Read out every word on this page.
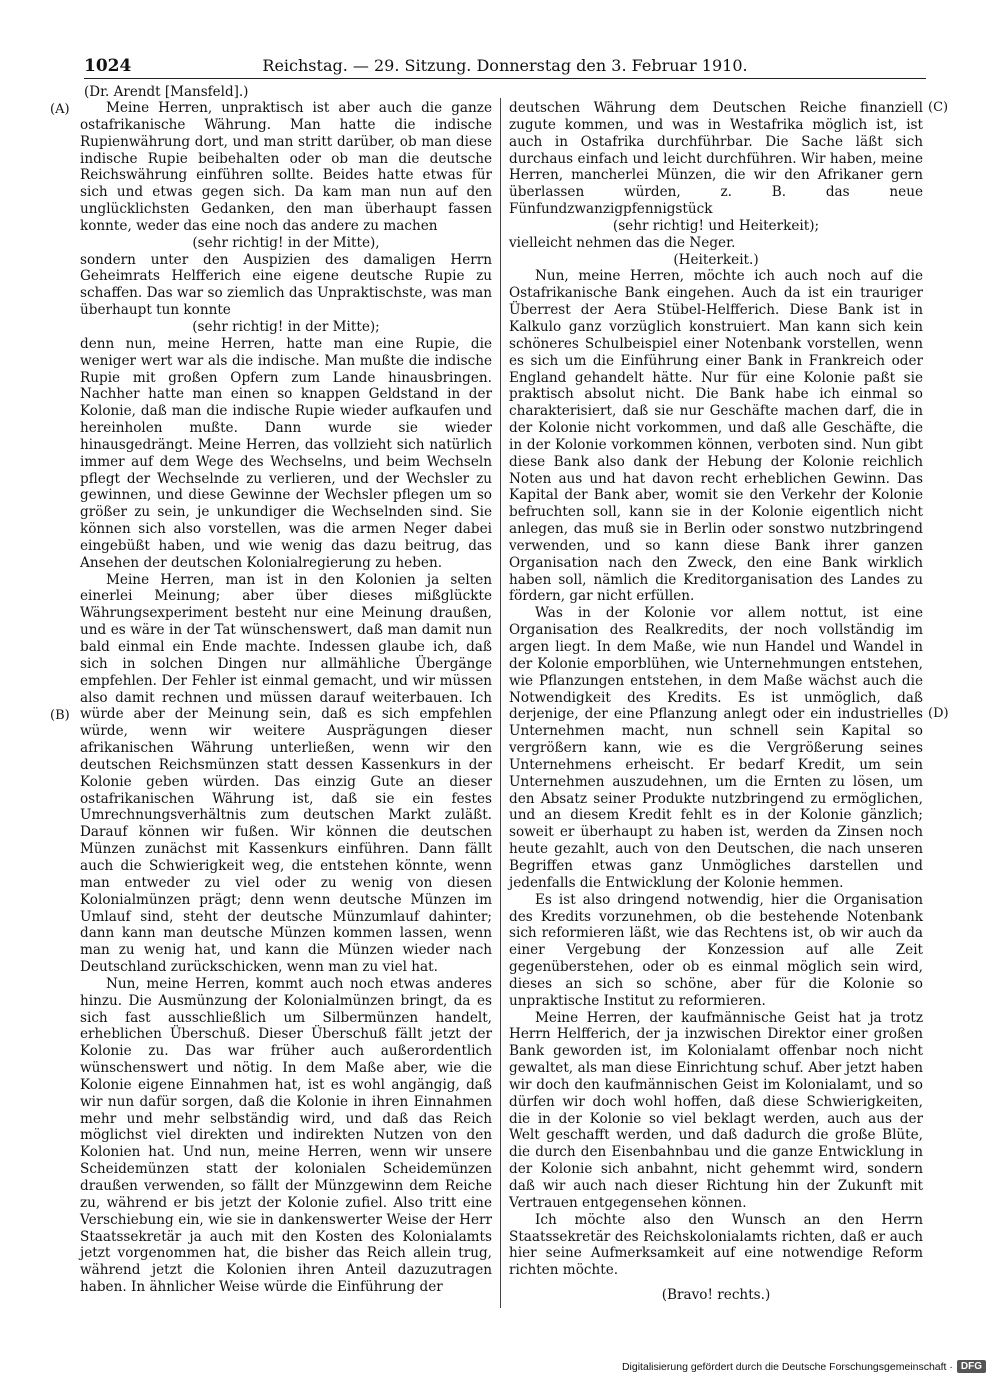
1024	Reichstag. — 29. Sitzung. Donnerstag den 3. Februar 1910.
(Dr. Arendt [Mansfeld].)
(A)
(B)
(C)
(D)

Meine Herren, unpraktisch ist aber auch die ganze ostafrikanische Währung. Man hatte die indische Rupienwährung dort, und man stritt darüber, ob man diese indische Rupie beibehalten oder ob man die deutsche Reichswährung einführen sollte. Beides hatte etwas für sich und etwas gegen sich. Da kam man nun auf den unglücklichsten Gedanken, den man überhaupt fassen konnte, weder das eine noch das andere zu machen

(sehr richtig! in der Mitte),

sondern unter den Auspizien des damaligen Herrn Geheimrats Helfferich eine eigene deutsche Rupie zu schaffen. Das war so ziemlich das Unpraktischste, was man überhaupt tun konnte

(sehr richtig! in der Mitte);

denn nun, meine Herren, hatte man eine Rupie, die weniger wert war als die indische. Man mußte die indische Rupie mit großen Opfern zum Lande hinausbringen. Nachher hatte man einen so knappen Geldstand in der Kolonie, daß man die indische Rupie wieder aufkaufen und hereinholen mußte. Dann wurde sie wieder hinausgedrängt. Meine Herren, das vollzieht sich natürlich immer auf dem Wege des Wechselns, und beim Wechseln pflegt der Wechselnde zu verlieren, und der Wechsler zu gewinnen, und diese Gewinne der Wechsler pflegen um so größer zu sein, je unkundiger die Wechselnden sind. Sie können sich also vorstellen, was die armen Neger dabei eingebüßt haben, und wie wenig das dazu beitrug, das Ansehen der deutschen Kolonialregierung zu heben.

Meine Herren, man ist in den Kolonien ja selten einerlei Meinung; aber über dieses mißglückte Währungsexperiment besteht nur eine Meinung draußen, und es wäre in der Tat wünschenswert, daß man damit nun bald einmal ein Ende machte. Indessen glaube ich, daß sich in solchen Dingen nur allmähliche Übergänge empfehlen. Der Fehler ist einmal gemacht, und wir müssen also damit rechnen und müssen darauf weiterbauen. Ich würde aber der Meinung sein, daß es sich empfehlen würde, wenn wir weitere Ausprägungen dieser afrikanischen Währung unterließen, wenn wir den deutschen Reichsmünzen statt dessen Kassenkurs in der Kolonie geben würden. Das einzig Gute an dieser ostafrikanischen Währung ist, daß sie ein festes Umrechnungsverhältnis zum deutschen Markt zuläßt. Darauf können wir fußen. Wir können die deutschen Münzen zunächst mit Kassenkurs einführen. Dann fällt auch die Schwierigkeit weg, die entstehen könnte, wenn man entweder zu viel oder zu wenig von diesen Kolonialmünzen prägt; denn wenn deutsche Münzen im Umlauf sind, steht der deutsche Münzumlauf dahinter; dann kann man deutsche Münzen kommen lassen, wenn man zu wenig hat, und kann die Münzen wieder nach Deutschland zurückschicken, wenn man zu viel hat.

Nun, meine Herren, kommt auch noch etwas anderes hinzu. Die Ausmünzung der Kolonialmünzen bringt, da es sich fast ausschließlich um Silbermünzen handelt, erheblichen Überschuß. Dieser Überschuß fällt jetzt der Kolonie zu. Das war früher auch außerordentlich wünschenswert und nötig. In dem Maße aber, wie die Kolonie eigene Einnahmen hat, ist es wohl angängig, daß wir nun dafür sorgen, daß die Kolonie in ihren Einnahmen mehr und mehr selbständig wird, und daß das Reich möglichst viel direkten und indirekten Nutzen von den Kolonien hat. Und nun, meine Herren, wenn wir unsere Scheidemünzen statt der kolonialen Scheidemünzen draußen verwenden, so fällt der Münzgewinn dem Reiche zu, während er bis jetzt der Kolonie zufiel. Also tritt eine Verschiebung ein, wie sie in dankenswerter Weise der Herr Staatssekretär ja auch mit den Kosten des Kolonialamts jetzt vorgenommen hat, die bisher das Reich allein trug, während jetzt die Kolonien ihren Anteil dazuzutragen haben. In ähnlicher Weise würde die Einführung der

deutschen Währung dem Deutschen Reiche finanziell zugute kommen, und was in Westafrika möglich ist, ist auch in Ostafrika durchführbar. Die Sache läßt sich durchaus einfach und leicht durchführen. Wir haben, meine Herren, mancherlei Münzen, die wir den Afrikaner gern überlassen würden, z. B. das neue Fünfundzwanzigpfennigstück

(sehr richtig! und Heiterkeit);

vielleicht nehmen das die Neger.

(Heiterkeit.)

Nun, meine Herren, möchte ich auch noch auf die Ostafrikanische Bank eingehen. Auch da ist ein trauriger Überrest der Aera Stübel-Helfferich. Diese Bank ist in Kalkulo ganz vorzüglich konstruiert. Man kann sich kein schöneres Schulbeispiel einer Notenbank vorstellen, wenn es sich um die Einführung einer Bank in Frankreich oder England gehandelt hätte. Nur für eine Kolonie paßt sie praktisch absolut nicht. Die Bank habe ich einmal so charakterisiert, daß sie nur Geschäfte machen darf, die in der Kolonie nicht vorkommen, und daß alle Geschäfte, die in der Kolonie vorkommen können, verboten sind. Nun gibt diese Bank also dank der Hebung der Kolonie reichlich Noten aus und hat davon recht erheblichen Gewinn. Das Kapital der Bank aber, womit sie den Verkehr der Kolonie befruchten soll, kann sie in der Kolonie eigentlich nicht anlegen, das muß sie in Berlin oder sonstwo nutzbringend verwenden, und so kann diese Bank ihrer ganzen Organisation nach den Zweck, den eine Bank wirklich haben soll, nämlich die Kreditorganisation des Landes zu fördern, gar nicht erfüllen.

Was in der Kolonie vor allem nottut, ist eine Organisation des Realkredits, der noch vollständig im argen liegt. In dem Maße, wie nun Handel und Wandel in der Kolonie emporblühen, wie Unternehmungen entstehen, wie Pflanzungen entstehen, in dem Maße wächst auch die Notwendigkeit des Kredits. Es ist unmöglich, daß derjenige, der eine Pflanzung anlegt oder ein industrielles Unternehmen macht, nun schnell sein Kapital so vergrößern kann, wie es die Vergrößerung seines Unternehmens erheischt. Er bedarf Kredit, um sein Unternehmen auszudehnen, um die Ernten zu lösen, um den Absatz seiner Produkte nutzbringend zu ermöglichen, und an diesem Kredit fehlt es in der Kolonie gänzlich; soweit er überhaupt zu haben ist, werden da Zinsen noch heute gezahlt, auch von den Deutschen, die nach unseren Begriffen etwas ganz Unmögliches darstellen und jedenfalls die Entwicklung der Kolonie hemmen.

Es ist also dringend notwendig, hier die Organisation des Kredits vorzunehmen, ob die bestehende Notenbank sich reformieren läßt, wie das Rechtens ist, ob wir auch da einer Vergebung der Konzession auf alle Zeit gegenüberstehen, oder ob es einmal möglich sein wird, dieses an sich so schöne, aber für die Kolonie so unpraktische Institut zu reformieren.

Meine Herren, der kaufmännische Geist hat ja trotz Herrn Helfferich, der ja inzwischen Direktor einer großen Bank geworden ist, im Kolonialamt offenbar noch nicht gewaltet, als man diese Einrichtung schuf. Aber jetzt haben wir doch den kaufmännischen Geist im Kolonialamt, und so dürfen wir doch wohl hoffen, daß diese Schwierigkeiten, die in der Kolonie so viel beklagt werden, auch aus der Welt geschafft werden, und daß dadurch die große Blüte, die durch den Eisenbahnbau und die ganze Entwicklung in der Kolonie sich anbahnt, nicht gehemmt wird, sondern daß wir auch nach dieser Richtung hin der Zukunft mit Vertrauen entgegensehen können.

Ich möchte also den Wunsch an den Herrn Staatssekretär des Reichskolonialamts richten, daß er auch hier seine Aufmerksamkeit auf eine notwendige Reform richten möchte.

(Bravo! rechts.)

Digitalisierung gefördert durch die Deutsche Forschungsgemeinschaft · DFG
